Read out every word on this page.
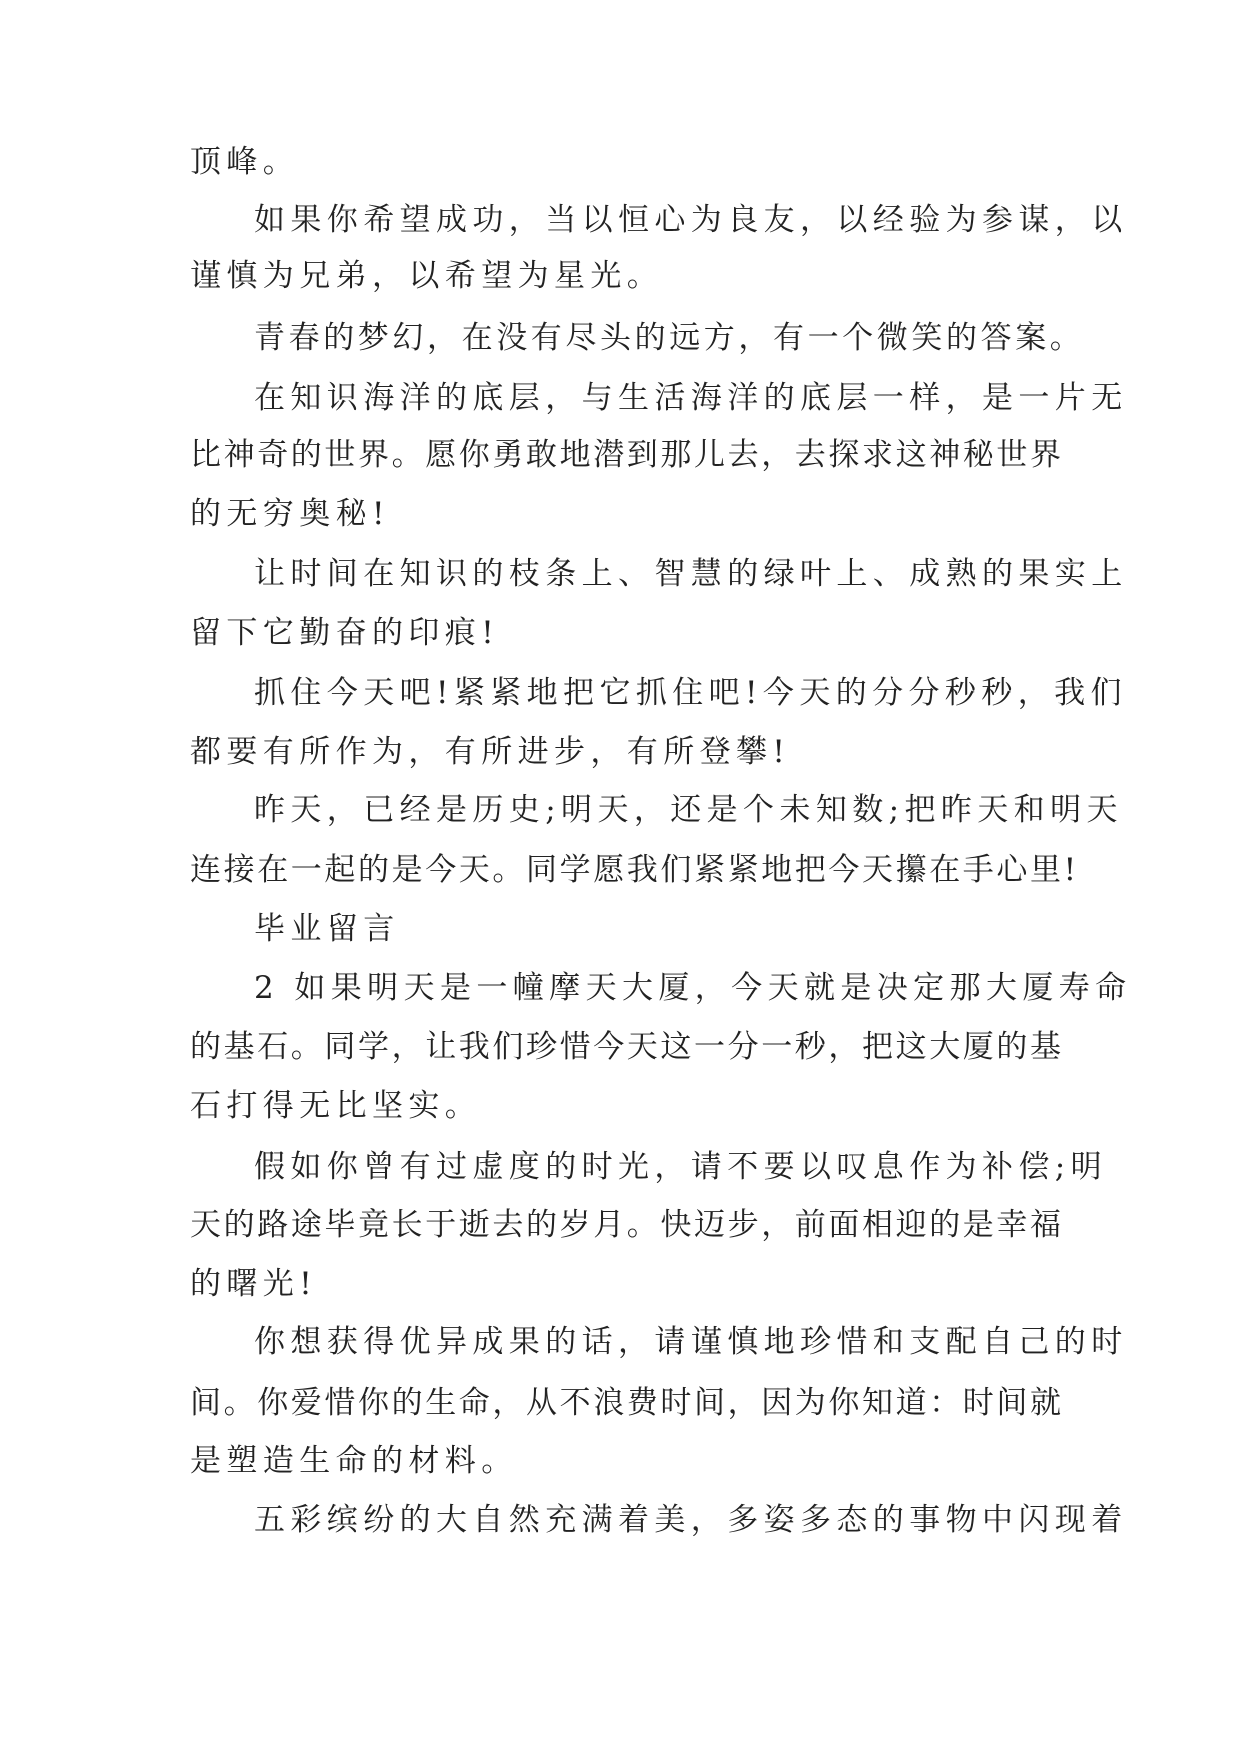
顶峰。
如果你希望成功，当以恒心为良友，以经验为参谋，以
谨慎为兄弟，以希望为星光。
青春的梦幻，在没有尽头的远方，有一个微笑的答案。
在知识海洋的底层，与生活海洋的底层一样，是一片无
比神奇的世界。愿你勇敢地潜到那儿去，去探求这神秘世界
的无穷奥秘!
让时间在知识的枝条上、智慧的绿叶上、成熟的果实上
留下它勤奋的印痕!
抓住今天吧!紧紧地把它抓住吧!今天的分分秒秒，我们
都要有所作为，有所进步，有所登攀!
昨天，已经是历史;明天，还是个未知数;把昨天和明天
连接在一起的是今天。同学愿我们紧紧地把今天攥在手心里!
毕业留言
2 如果明天是一幢摩天大厦，今天就是决定那大厦寿命
的基石。同学，让我们珍惜今天这一分一秒，把这大厦的基
石打得无比坚实。
假如你曾有过虚度的时光，请不要以叹息作为补偿;明
天的路途毕竟长于逝去的岁月。快迈步，前面相迎的是幸福
的曙光!
你想获得优异成果的话，请谨慎地珍惜和支配自己的时
间。你爱惜你的生命，从不浪费时间，因为你知道：时间就
是塑造生命的材料。
五彩缤纷的大自然充满着美，多姿多态的事物中闪现着
